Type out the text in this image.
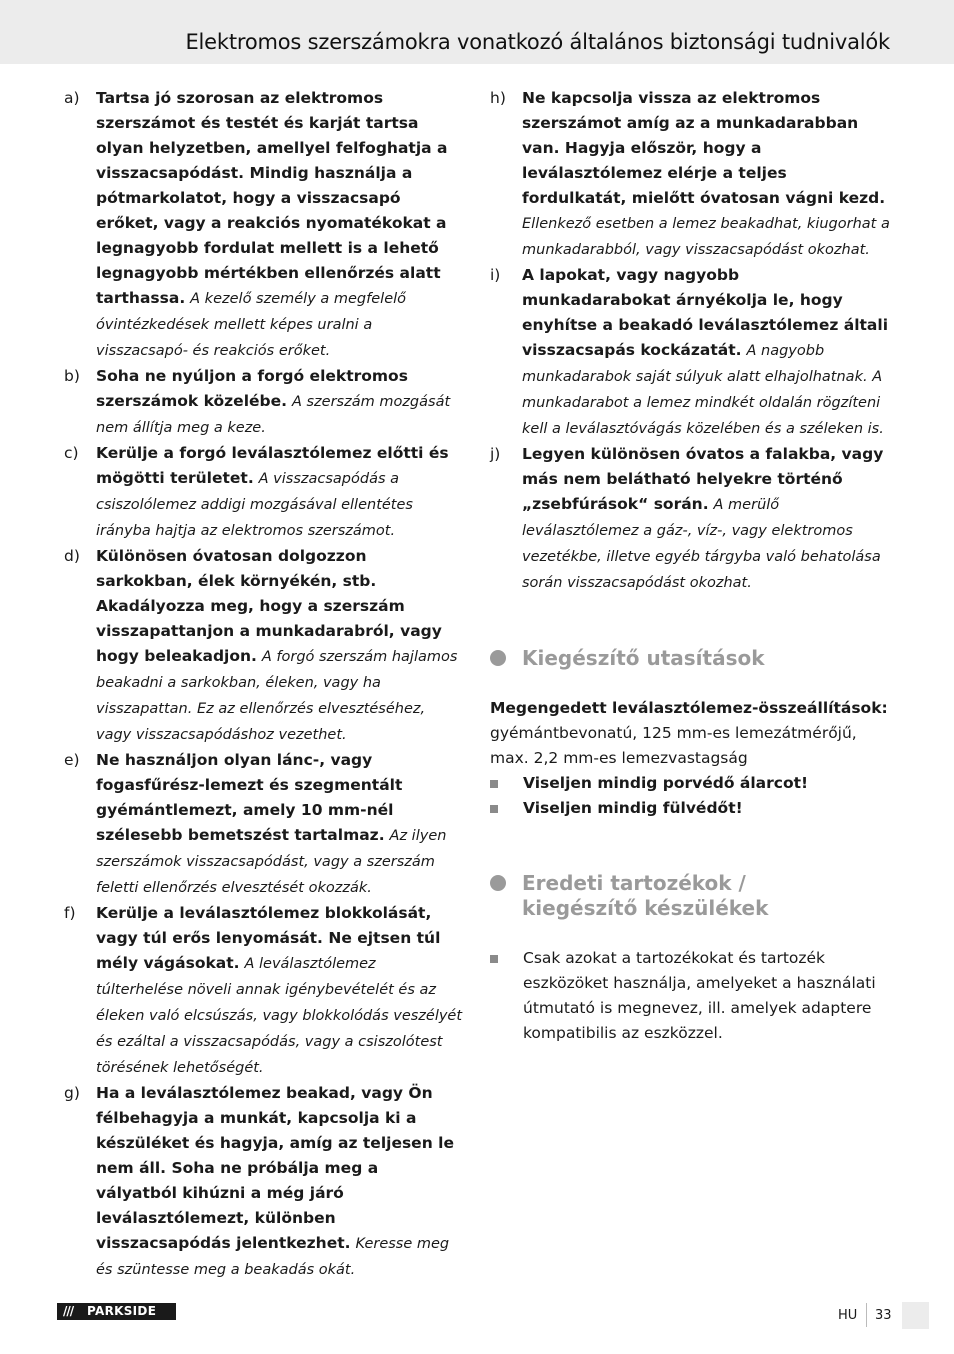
Elektromos szerszámokra vonatkozó általános biztonsági tudnivalók
a)	Tartsa jó szorosan az elektromos szerszámot és testét és karját tartsa olyan helyzetben, amellyel felfoghatja a visszacsapódást. Mindig használja a pótmarkolatot, hogy a visszacsapó erőket, vagy a reakciós nyomatékokat a legnagyobb fordulat mellett is a lehető legnagyobb mértékben ellenőrzés alatt tarthassa. A kezelő személy a megfelelő óvintézkedések mellett képes uralni a visszacsapó- és reakciós erőket.
b)	Soha ne nyúljon a forgó elektromos szerszámok közelébe. A szerszám mozgását nem állítja meg a keze.
c)	Kerülje a forgó leválasztólemez előtti és mögötti területet. A visszacsapódás a csiszolólemez addigi mozgásával ellentétes irányba hajtja az elektromos szerszámot.
d)	Különösen óvatosan dolgozzon sarkokban, élek környékén, stb. Akadályozza meg, hogy a szerszám visszapattanjon a munkadarabról, vagy hogy beleakadjon. A forgó szerszám hajlamos beakadni a sarkokban, éleken, vagy ha visszapattan. Ez az ellenőrzés elvesztéséhez, vagy visszacsapódáshoz vezethet.
e)	Ne használjon olyan lánc-, vagy fogasfűrész-lemezt és szegmentált gyémántlemezt, amely 10 mm-nél szélesebb bemetszést tartalmaz. Az ilyen szerszámok visszacsapódást, vagy a szerszám feletti ellenőrzés elvesztését okozzák.
f)	Kerülje a leválasztólemez blokkolását, vagy túl erős lenyomását. Ne ejtsen túl mély vágásokat. A leválasztólemez túlterhelése növeli annak igénybevételét és az éleken való elcsúszás, vagy blokkolódás veszélyét és ezáltal a visszacsapódás, vagy a csiszolótest törésének lehetőségét.
g)	Ha a leválasztólemez beakad, vagy Ön félbehagyja a munkát, kapcsolja ki a készüléket és hagyja, amíg az teljesen le nem áll. Soha ne próbálja meg a vályatból kihúzni a még járó leválasztólemezt, különben visszacsapódás jelentkezhet. Keresse meg és szüntesse meg a beakadás okát.
h)	Ne kapcsolja vissza az elektromos szerszámot amíg az a munkadarabban van. Hagyja először, hogy a leválasztólemez elérje a teljes fordulkatát, mielőtt óvatosan vágni kezd. Ellenkező esetben a lemez beakadhat, kiugorhat a munkadarabból, vagy visszacsapódást okozhat.
i)	A lapokat, vagy nagyobb munkadarabokat árnyékolja le, hogy enyhítse a beakadó leválasztólemez általi visszacsapás kockázatát. A nagyobb munkadarabok saját súlyuk alatt elhajolhatnak. A munkadarabot a lemez mindkét oldalán rögzíteni kell a leválasztóvágás közelében és a széleken is.
j)	Legyen különösen óvatos a falakba, vagy más nem belátható helyekre történő „zsebfúrások“ során. A merülő leválasztólemez a gáz-, víz-, vagy elektromos vezetékbe, illetve egyéb tárgyba való behatolása során visszacsapódást okozhat.
Kiegészítő utasítások
Megengedett leválasztólemez-összeállítások: gyémántbevonatú, 125 mm-es lemezátmérőjű, max. 2,2 mm-es lemezvastagság
Viseljen mindig porvédő álarcot!
Viseljen mindig fülvédőt!
Eredeti tartozékok /
kiegészítő készülékek
Csak azokat a tartozékokat és tartozék eszközöket használja, amelyeket a használati útmutató is megnevez, ill. amelyek adaptere kompatibilis az eszközzel.
/// PARKSIDE	HU 33
